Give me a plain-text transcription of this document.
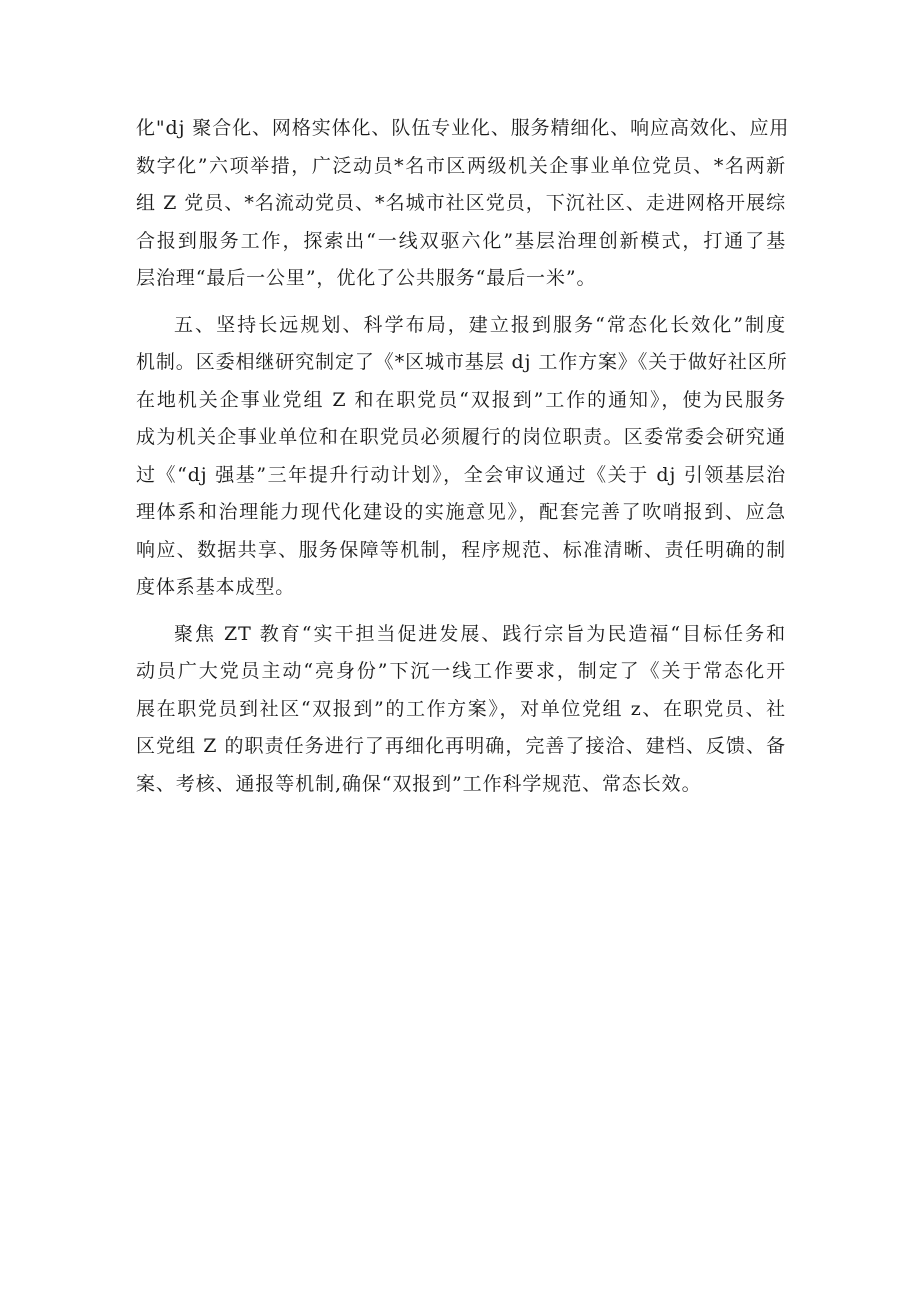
化"dj 聚合化、网格实体化、队伍专业化、服务精细化、响应高效化、应用
数字化”六项举措，广泛动员*名市区两级机关企事业单位党员、*名两新
组 Z 党员、*名流动党员、*名城市社区党员，下沉社区、走进网格开展综
合报到服务工作，探索出“一线双驱六化”基层治理创新模式，打通了基
层治理“最后一公里”，优化了公共服务“最后一米”。
五、坚持长远规划、科学布局，建立报到服务“常态化长效化”制度
机制。区委相继研究制定了《*区城市基层 dj 工作方案》《关于做好社区所
在地机关企事业党组 Z 和在职党员“双报到”工作的通知》，使为民服务
成为机关企事业单位和在职党员必须履行的岗位职责。区委常委会研究通
过《“dj 强基”三年提升行动计划》，全会审议通过《关于 dj 引领基层治
理体系和治理能力现代化建设的实施意见》，配套完善了吹哨报到、应急
响应、数据共享、服务保障等机制，程序规范、标准清晰、责任明确的制
度体系基本成型。
聚焦 ZT 教育“实干担当促进发展、践行宗旨为民造福“目标任务和
动员广大党员主动“亮身份”下沉一线工作要求，制定了《关于常态化开
展在职党员到社区“双报到”的工作方案》，对单位党组 z、在职党员、社
区党组 Z 的职责任务进行了再细化再明确，完善了接洽、建档、反馈、备
案、考核、通报等机制,确保“双报到”工作科学规范、常态长效。
